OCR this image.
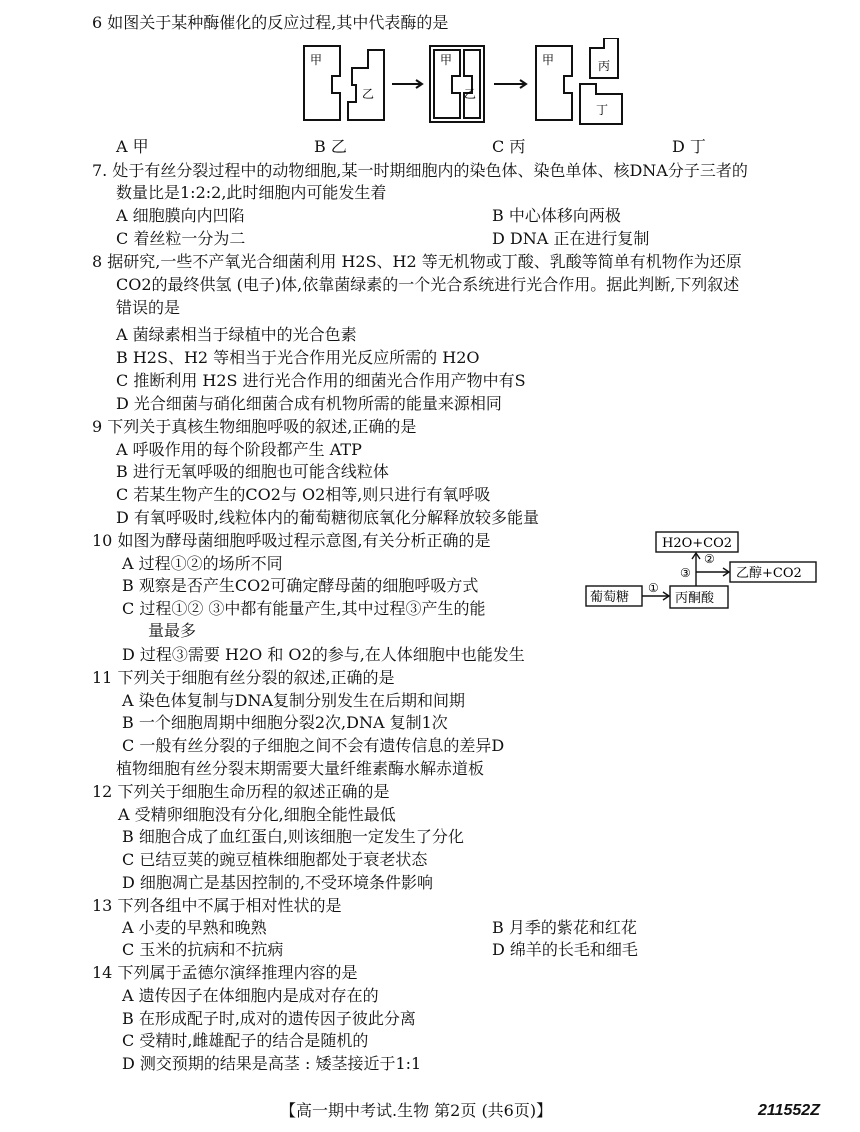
6 如图关于某种酶催化的反应过程,其中代表酶的是
甲
乙
甲
乙
甲	丙
丁
A 甲	B 乙	C 丙	D 丁
7. 处于有丝分裂过程中的动物细胞,某一时期细胞内的染色体、染色单体、核DNA分子三者的
数量比是1:2:2,此时细胞内可能发生着
A 细胞膜向内凹陷	B 中心体移向两极
C 着丝粒一分为二	D DNA 正在进行复制
8 据研究,一些不产氧光合细菌利用 H2S、H2 等无机物或丁酸、乳酸等简单有机物作为还原
CO2的最终供氢 (电子)体,依靠菌绿素的一个光合系统进行光合作用。据此判断,下列叙述
错误的是
A 菌绿素相当于绿植中的光合色素
B H2S、H2 等相当于光合作用光反应所需的 H2O
C 推断利用 H2S 进行光合作用的细菌光合作用产物中有S
D 光合细菌与硝化细菌合成有机物所需的能量来源相同
9 下列关于真核生物细胞呼吸的叙述,正确的是
A 呼吸作用的每个阶段都产生 ATP
B 进行无氧呼吸的细胞也可能含线粒体
C 若某生物产生的CO2与 O2相等,则只进行有氧呼吸
D 有氧呼吸时,线粒体内的葡萄糖彻底氧化分解释放较多能量
10 如图为酵母菌细胞呼吸过程示意图,有关分析正确的是
A 过程①②的场所不同
B 观察是否产生CO2可确定酵母菌的细胞呼吸方式
C 过程①② ③中都有能量产生,其中过程③产生的能
量最多
D 过程③需要 H2O 和 O2的参与,在人体细胞中也能发生
H2O+CO2
乙醇+CO2
葡萄糖	丙酮酸
①
②
③
11 下列关于细胞有丝分裂的叙述,正确的是
A 染色体复制与DNA复制分别发生在后期和间期
B 一个细胞周期中细胞分裂2次,DNA 复制1次
C 一般有丝分裂的子细胞之间不会有遗传信息的差异D
植物细胞有丝分裂末期需要大量纤维素酶水解赤道板
12 下列关于细胞生命历程的叙述正确的是
A 受精卵细胞没有分化,细胞全能性最低
B 细胞合成了血红蛋白,则该细胞一定发生了分化
C 已结豆荚的豌豆植株细胞都处于衰老状态
D 细胞凋亡是基因控制的,不受环境条件影响
13 下列各组中不属于相对性状的是
A 小麦的早熟和晚熟	B 月季的紫花和红花
C 玉米的抗病和不抗病	D 绵羊的长毛和细毛
14 下列属于孟德尔演绎推理内容的是
A 遗传因子在体细胞内是成对存在的
B 在形成配子时,成对的遗传因子彼此分离
C 受精时,雌雄配子的结合是随机的
D 测交预期的结果是高茎 : 矮茎接近于1:1
【高一期中考试.生物 第2页 (共6页)】	211552Z
